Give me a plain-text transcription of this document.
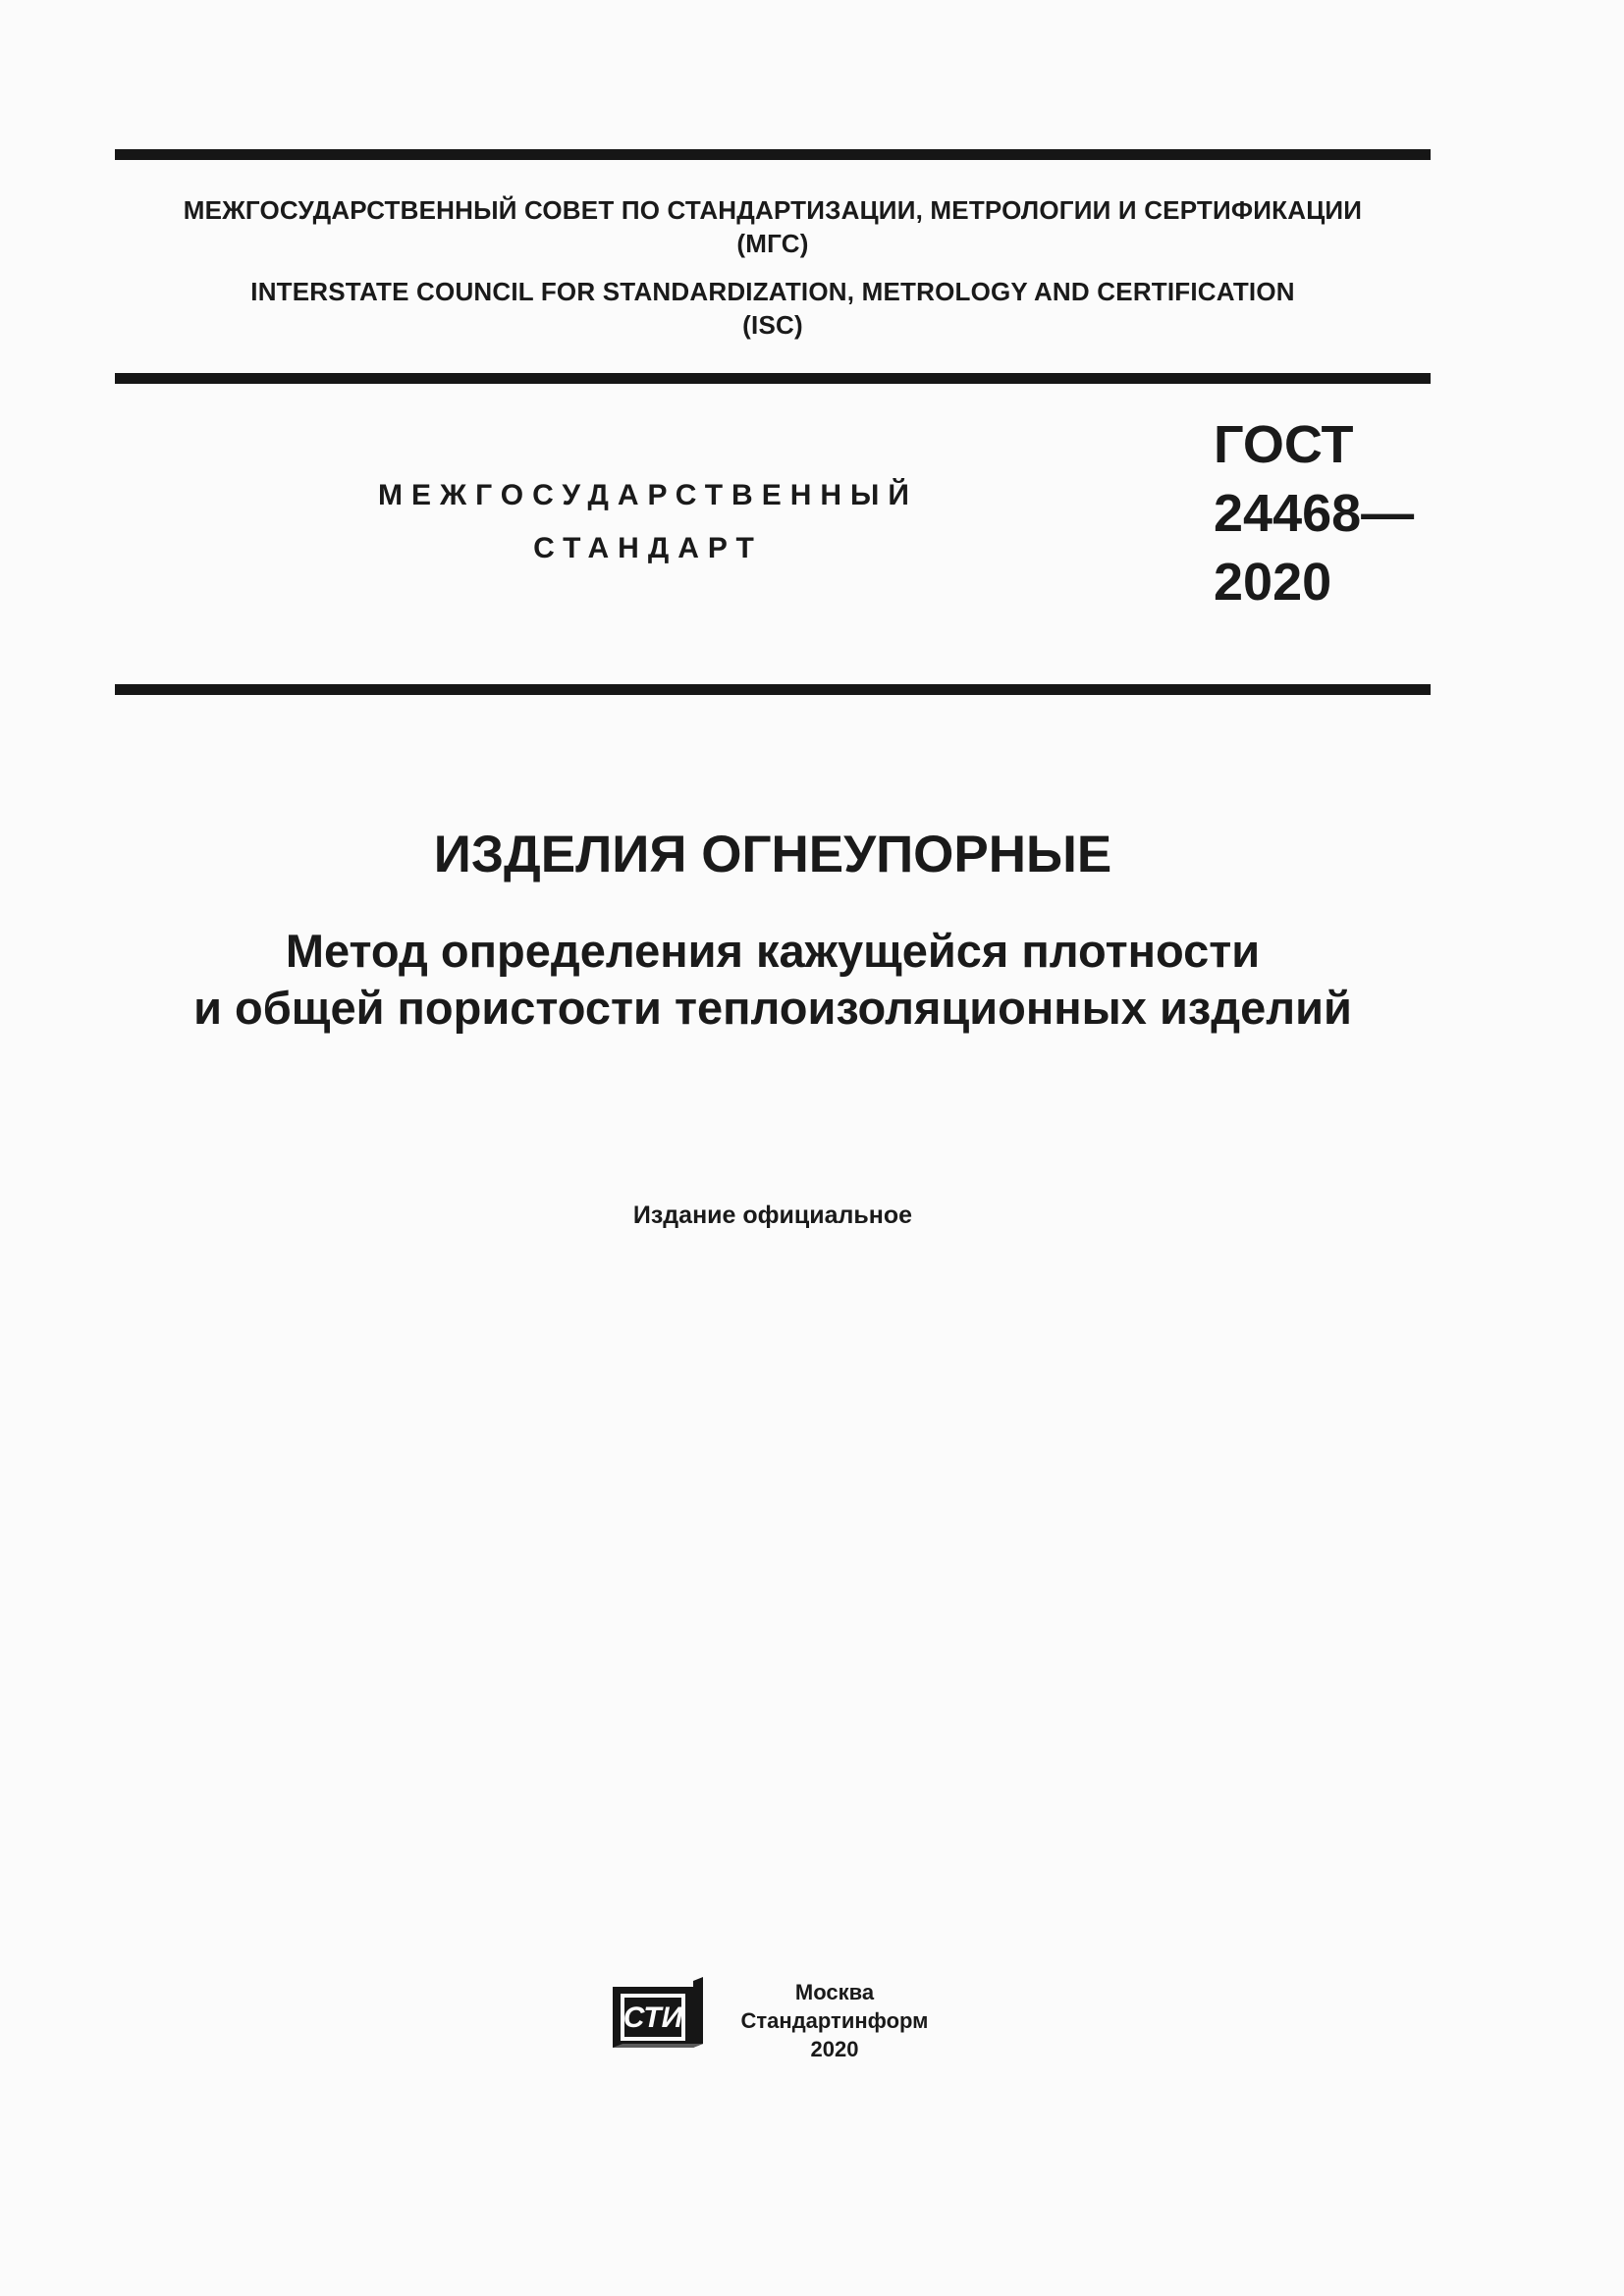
МЕЖГОСУДАРСТВЕННЫЙ СОВЕТ ПО СТАНДАРТИЗАЦИИ, МЕТРОЛОГИИ И СЕРТИФИКАЦИИ
(МГС)
INTERSTATE COUNCIL FOR STANDARDIZATION, METROLOGY AND CERTIFICATION
(ISC)
МЕЖГОСУДАРСТВЕННЫЙ
СТАНДАРТ
ГОСТ
24468—
2020
ИЗДЕЛИЯ ОГНЕУПОРНЫЕ
Метод определения кажущейся плотности
и общей пористости теплоизоляционных изделий
Издание официальное
СТИ
Москва
Стандартинформ
2020
